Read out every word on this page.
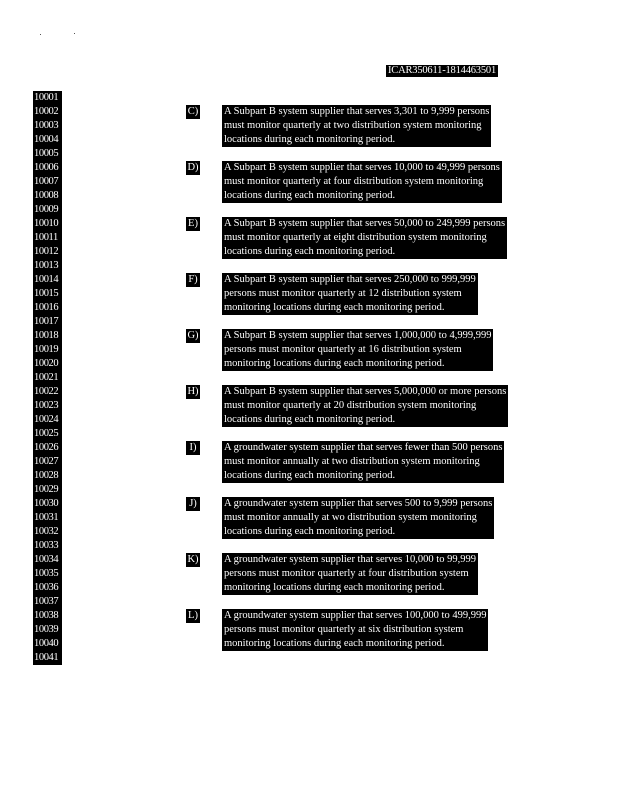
ICAR350611-1814463501
10001
10002
10003
10004
10005
10006
10007
10008
10009
10010
10011
10012
10013
10014
10015
10016
10017
10018
10019
10020
10021
10022
10023
10024
10025
10026
10027
10028
10029
10030
10031
10032
10033
10034
10035
10036
10037
10038
10039
10040
10041
C) A Subpart B system supplier that serves 3,301 to 9,999 persons
must monitor quarterly at two distribution system monitoring
locations during each monitoring period.
D) A Subpart B system supplier that serves 10,000 to 49,999 persons
must monitor quarterly at four distribution system monitoring
locations during each monitoring period.
E) A Subpart B system supplier that serves 50,000 to 249,999 persons
must monitor quarterly at eight distribution system monitoring
locations during each monitoring period.
F)	A Subpart B system supplier that serves 250,000 to 999,999
persons must monitor quarterly at 12 distribution system
monitoring locations during each monitoring period.
G) A Subpart B system supplier that serves 1,000,000 to 4,999,999
persons must monitor quarterly at 16 distribution system
monitoring locations during each monitoring period.
H) A Subpart B system supplier that serves 5,000,000 or more persons
must monitor quarterly at 20 distribution system monitoring
locations during each monitoring period.
I)	A groundwater system supplier that serves fewer than 500 persons
must monitor annually at two distribution system monitoring
locations during each monitoring period.
J)	A groundwater system supplier that serves 500 to 9,999 persons
must monitor annually at wo distribution system monitoring
locations during each monitoring period.
K) A groundwater system supplier that serves 10,000 to 99,999
persons must monitor quarterly at four distribution system
monitoring locations during each monitoring period.
L) A groundwater system supplier that serves 100,000 to 499,999
persons must monitor quarterly at six distribution system
monitoring locations during each monitoring period.
